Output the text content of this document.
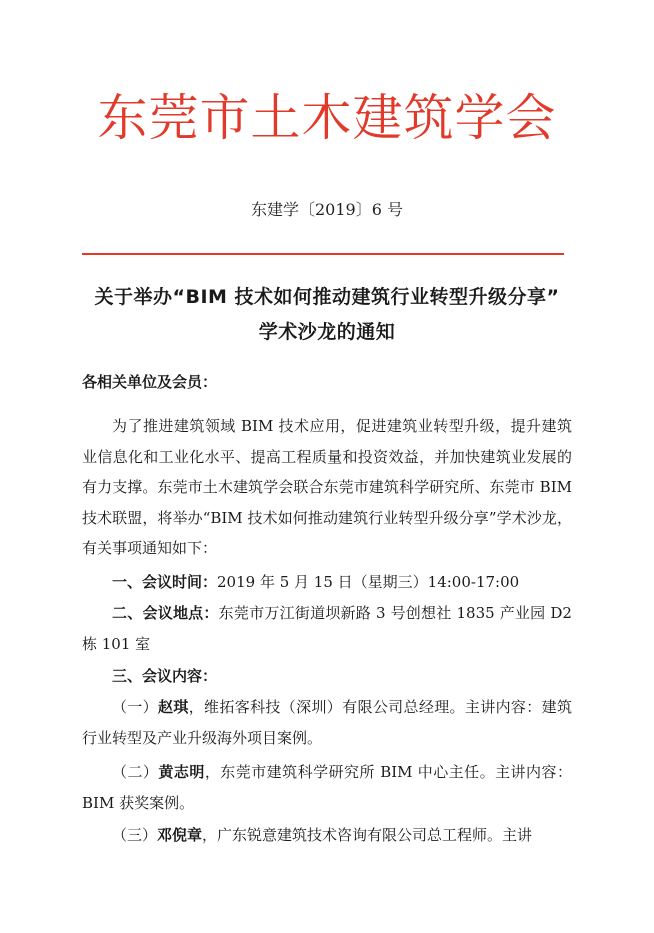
东莞市土木建筑学会
东建学〔2019〕6 号
关于举办“BIM 技术如何推动建筑行业转型升级分享”
学术沙龙的通知
各相关单位及会员：
为了推进建筑领域 BIM 技术应用，促进建筑业转型升级，提升建筑业信息化和工业化水平、提高工程质量和投资效益，并加快建筑业发展的有力支撑。东莞市土木建筑学会联合东莞市建筑科学研究所、东莞市 BIM 技术联盟，将举办“BIM 技术如何推动建筑行业转型升级分享”学术沙龙，有关事项通知如下：
一、会议时间：2019 年 5 月 15 日（星期三）14:00-17:00
二、会议地点：东莞市万江街道坝新路 3 号创想社 1835 产业园 D2 栋 101 室
三、会议内容：
（一）赵琪，维拓客科技（深圳）有限公司总经理。主讲内容：建筑行业转型及产业升级海外项目案例。
（二）黄志明，东莞市建筑科学研究所 BIM 中心主任。主讲内容：BIM 获奖案例。
（三）邓倪章，广东锐意建筑技术咨询有限公司总工程师。主讲
